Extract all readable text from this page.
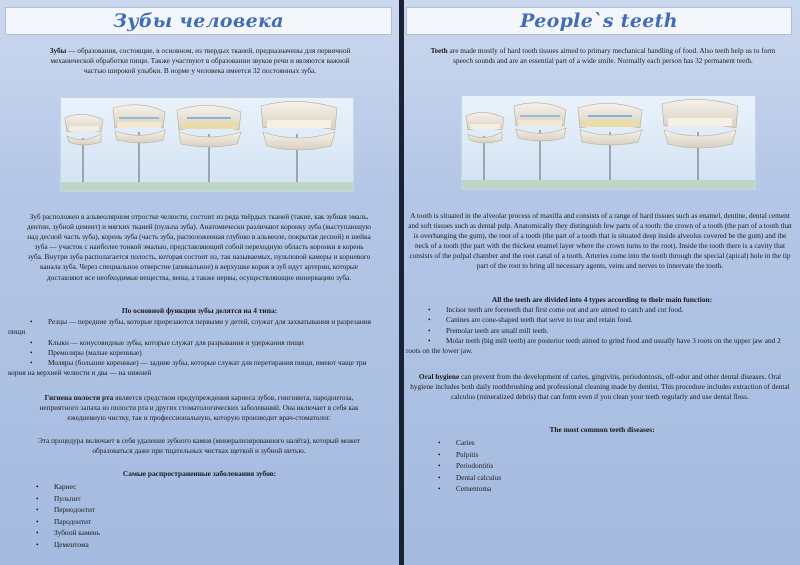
Зубы человека

Зубы — образования, состоящие, в основном, из твердых тканей, предназначены для первичной механической обработки пищи. Также участвуют в образовании звуков речи и являются важной частью широкой улыбки. В норме у человека имеется 32 постоянных зуба.

Зуб расположен в альвеолярном отростке челюсти, состоит из ряда твёрдых тканей (такие, как зубная эмаль, дентин, зубной цемент) и мягких тканей (пульпа зуба). Анатомически различают коронку зуба (выступающую над десной часть зуба), корень зуба (часть зуба, расположенная глубоко в альвеоле, покрытая десной) и шейка зуба — участок с наиболее тонкой эмалью, представляющий собой переходную область коронки в корень зуба. Внутри зуба располагается полость, которая состоит из, так называемых, пульповой камеры и корневого канала зуба. Через специальное отверстие (апикальное) в верхушке корня в зуб идут артерии, которые доставляют все необходимые вещества, вены, а также нервы, осуществляющие иннервацию зуба.

По основной функции зубы делятся на 4 типа:

• Резцы — передние зубы, которые прорезаются первыми у детей, служат для захватывания и разрезания пищи
• Клыки — конусовидные зубы, которые служат для разрывания и удержания пищи
• Премоляры (малые коренные)
• Моляры (большие коренные) — задние зубы, которые служат для перетирания пищи, имеют чаще три корня на верхней челюсти и два — на нижней

Гигиена полости рта является средством предупреждения кариеса зубов, гингивита, пародонтоза, неприятного запаха из полости рта и других стоматологических заболеваний. Она включает в себя как ежедневную чистку, так и профессиональную, которую производит врач-стоматолог.

Эта процедура включает в себя удаление зубного камня (минерализированного налёта), который может образоваться даже при тщательных чистках щеткой и зубной нитью.

Самые распространенные заболевания зубов:

• Кариес
• Пульпит
• Периодонтит
• Пародонтит
• Зубной камень
• Цементома
People`s teeth

Teeth are made mostly of hard tooth tissues aimed to primary mechanical handling of food. Also teeth help us to form speech sounds and are an essential part of a wide smile. Normally each person has 32 permanent teeth.

A tooth is situated in the alveolar process of maxilla and consists of a range of hard tissues such as enamel, dentine, dental cement and soft tissues such as dental pulp. Anatomically they distinguish few parts of a tooth: the crown of a tooth (the part of a tooth that is overhanging the gum), the root of a tooth (the part of a tooth that is situated deep inside alveolus covered be the gum) and the neck of a tooth (the part with the thickest enamel layer where the crown turns to the root). Inside the tooth there is a cavity that consists of the pulpal chamber and the root canal of a tooth. Arteries come into the tooth through the special (apical) hole in the tip part of the root to bring all necessary agents, veins and nerves to innervate the tooth.

All the teeth are divided into 4 types according to their main function:

• Incisor teeth are foreteeth that first come out and are aimed to catch and cut food.
• Canines are cone-shaped teeth that serve to tear and retain food.
• Premolar teeth are small mill teeth.
• Molar teeth (big mill teeth) are posterior teeth aimed to grind food and usually have 3 roots on the upper jaw and 2 roots on the lower jaw.

Oral hygiene can prevent from the development of caries, gingivitis, periodontosis, off-odor and other dental diseases. Oral hygiene includes both daily toothbrushing and professional cleaning made by dentist. This procedure includes extraction of dental calculus (mineralized debris) that can form even if you clean your teeth regularly and use dental floss.

The most common teeth diseases:

• Caries
• Pulpitis
• Periodontitis
• Dental calculus
• Cementoma
